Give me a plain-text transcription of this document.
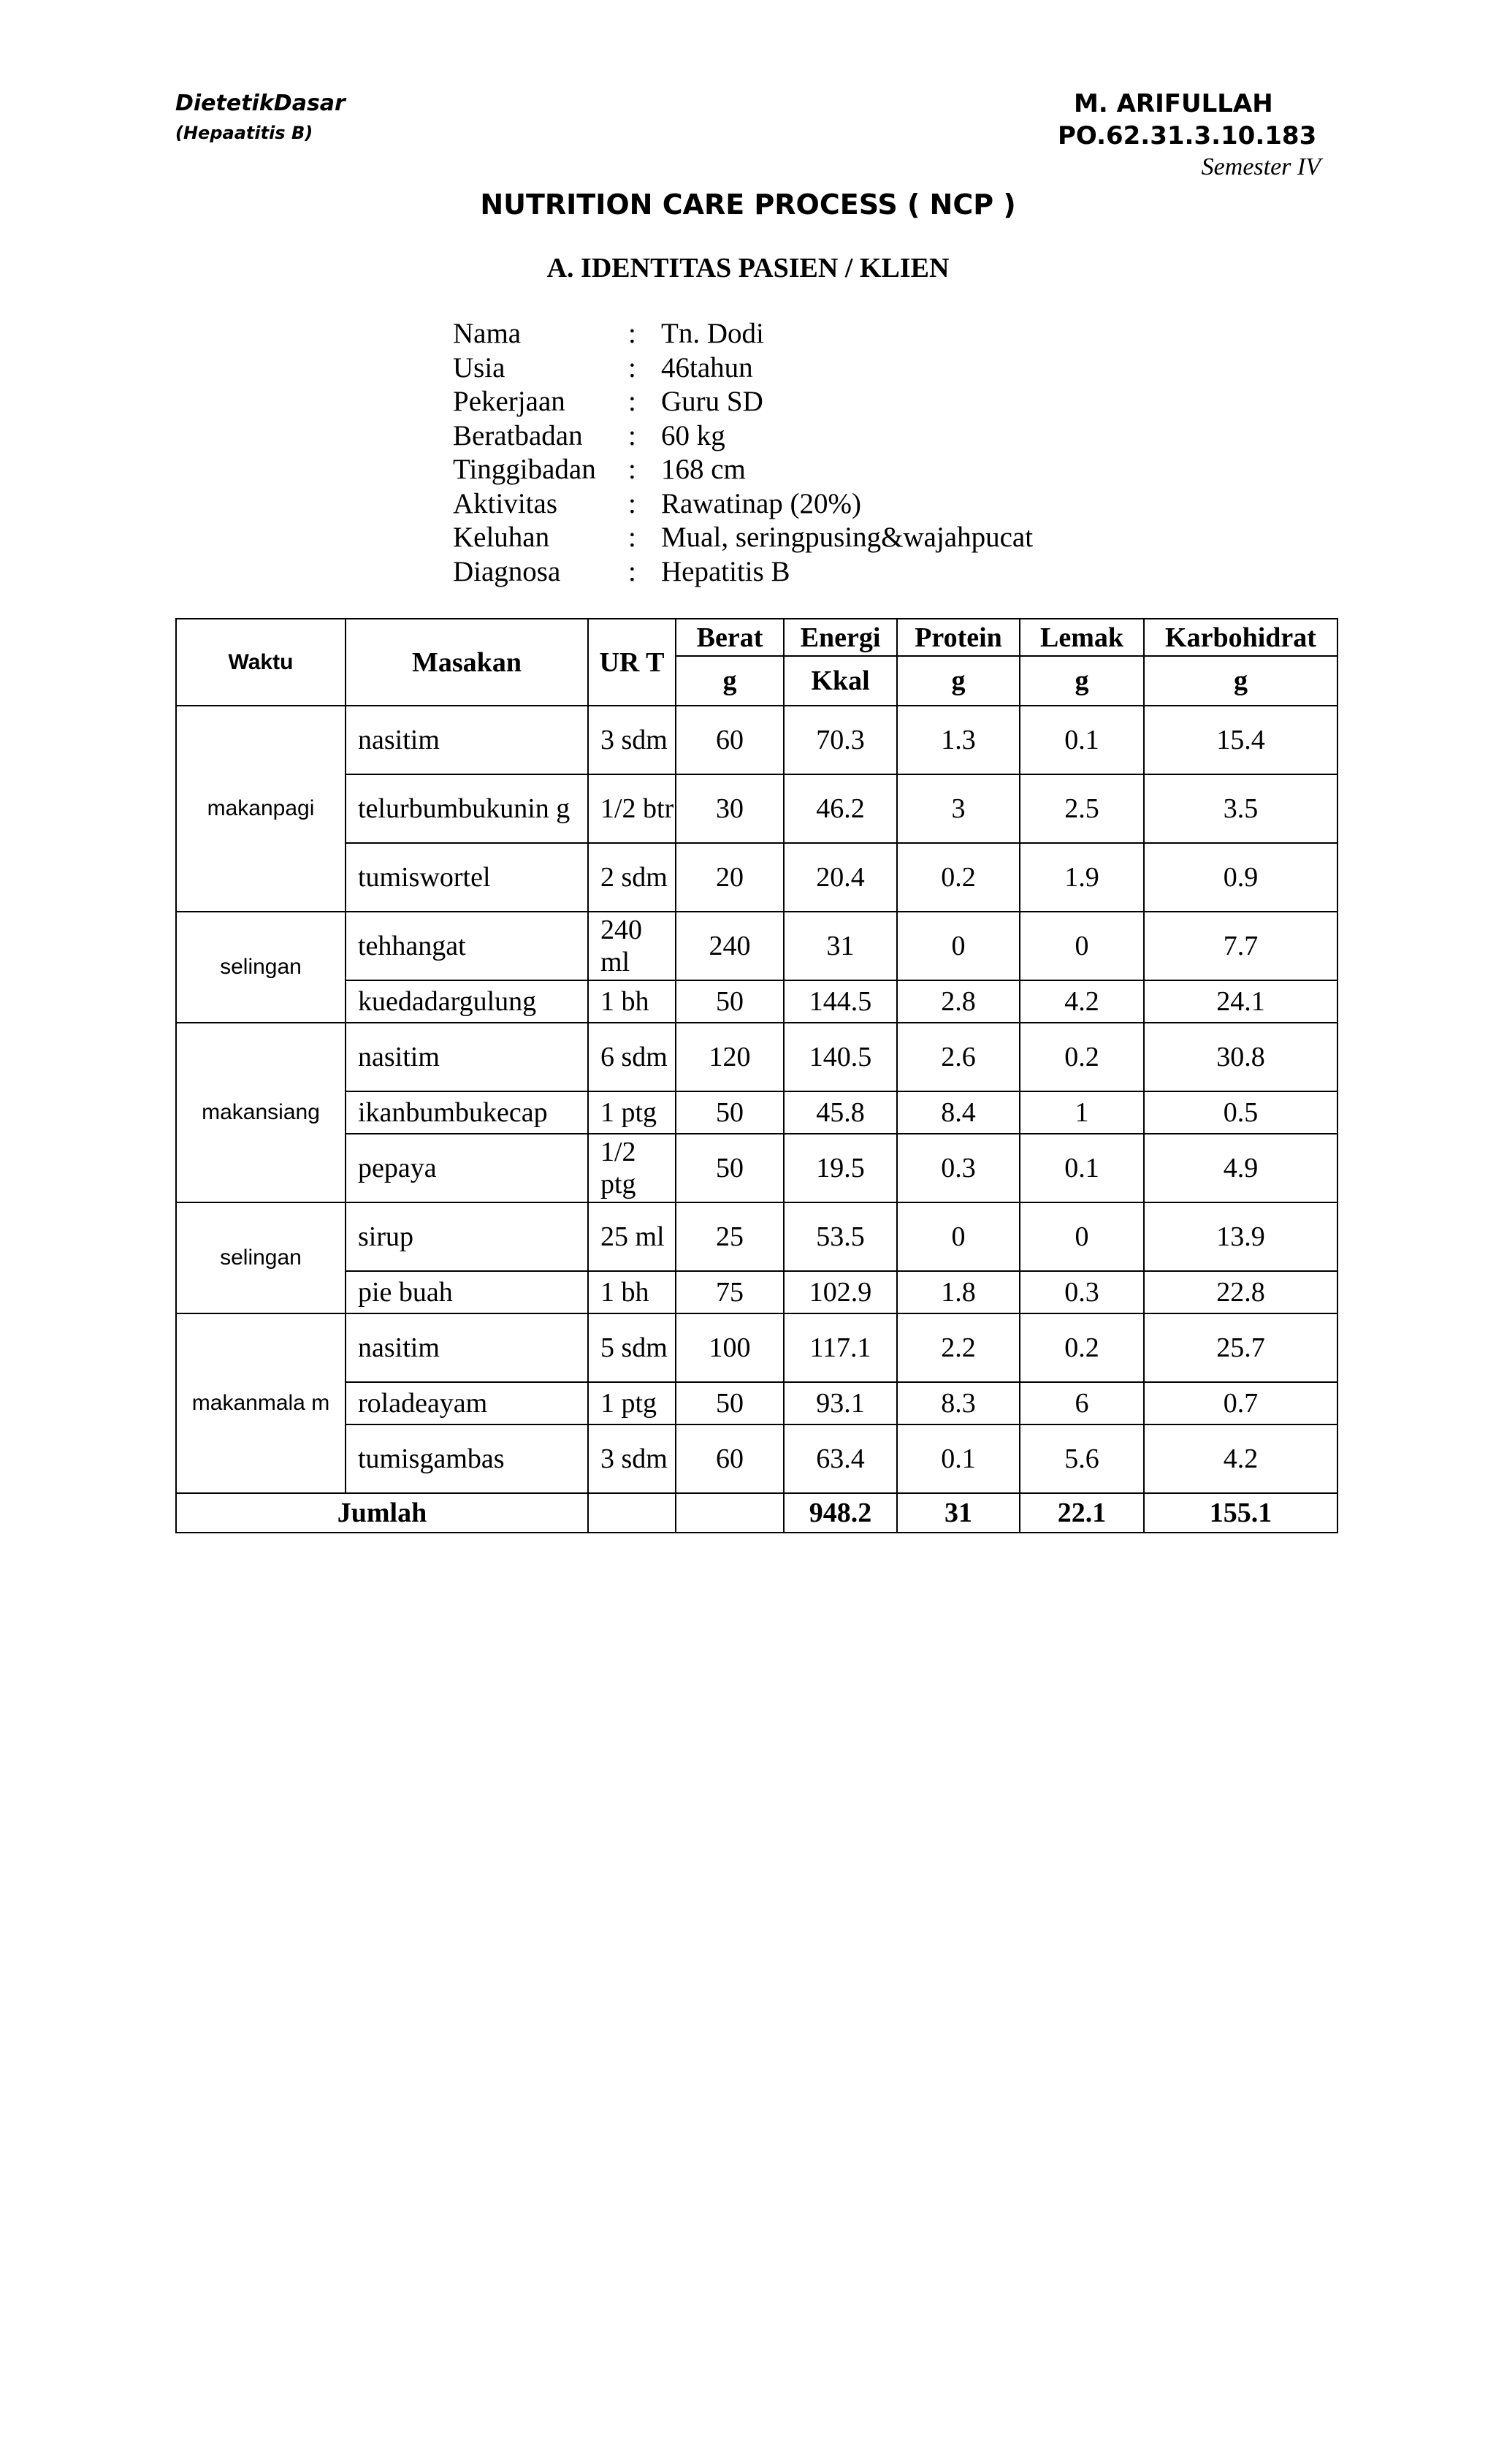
DietetikDasar
(Hepaatitis B)
M. ARIFULLAH
PO.62.31.3.10.183
Semester IV
NUTRITION CARE PROCESS ( NCP )
A. IDENTITAS PASIEN / KLIEN
Nama	: Tn. Dodi
Usia	: 46tahun
Pekerjaan	: Guru SD
Beratbadan	: 60 kg
Tinggibadan	: 168 cm
Aktivitas	: Rawatinap (20%)
Keluhan	: Mual, seringpusing&wajahpucat
Diagnosa	: Hepatitis B
Waktu	Masakan	UR T	Berat	Energi	Protein	Lemak	Karbohidrat
			g	Kkal	g	g	g
makanpagi	nasitim	3 sdm	60	70.3	1.3	0.1	15.4
	telurbumbukunin g	1/2 btr	30	46.2	3	2.5	3.5
	tumiswortel	2 sdm	20	20.4	0.2	1.9	0.9
selingan	tehhangat	240 ml	240	31	0	0	7.7
	kuedadargulung	1 bh	50	144.5	2.8	4.2	24.1
makansiang	nasitim	6 sdm	120	140.5	2.6	0.2	30.8
	ikanbumbukecap	1 ptg	50	45.8	8.4	1	0.5
	pepaya	1/2 ptg	50	19.5	0.3	0.1	4.9
selingan	sirup	25 ml	25	53.5	0	0	13.9
	pie buah	1 bh	75	102.9	1.8	0.3	22.8
makanmala m	nasitim	5 sdm	100	117.1	2.2	0.2	25.7
	roladeayam	1 ptg	50	93.1	8.3	6	0.7
	tumisgambas	3 sdm	60	63.4	0.1	5.6	4.2
Jumlah				948.2	31	22.1	155.1
